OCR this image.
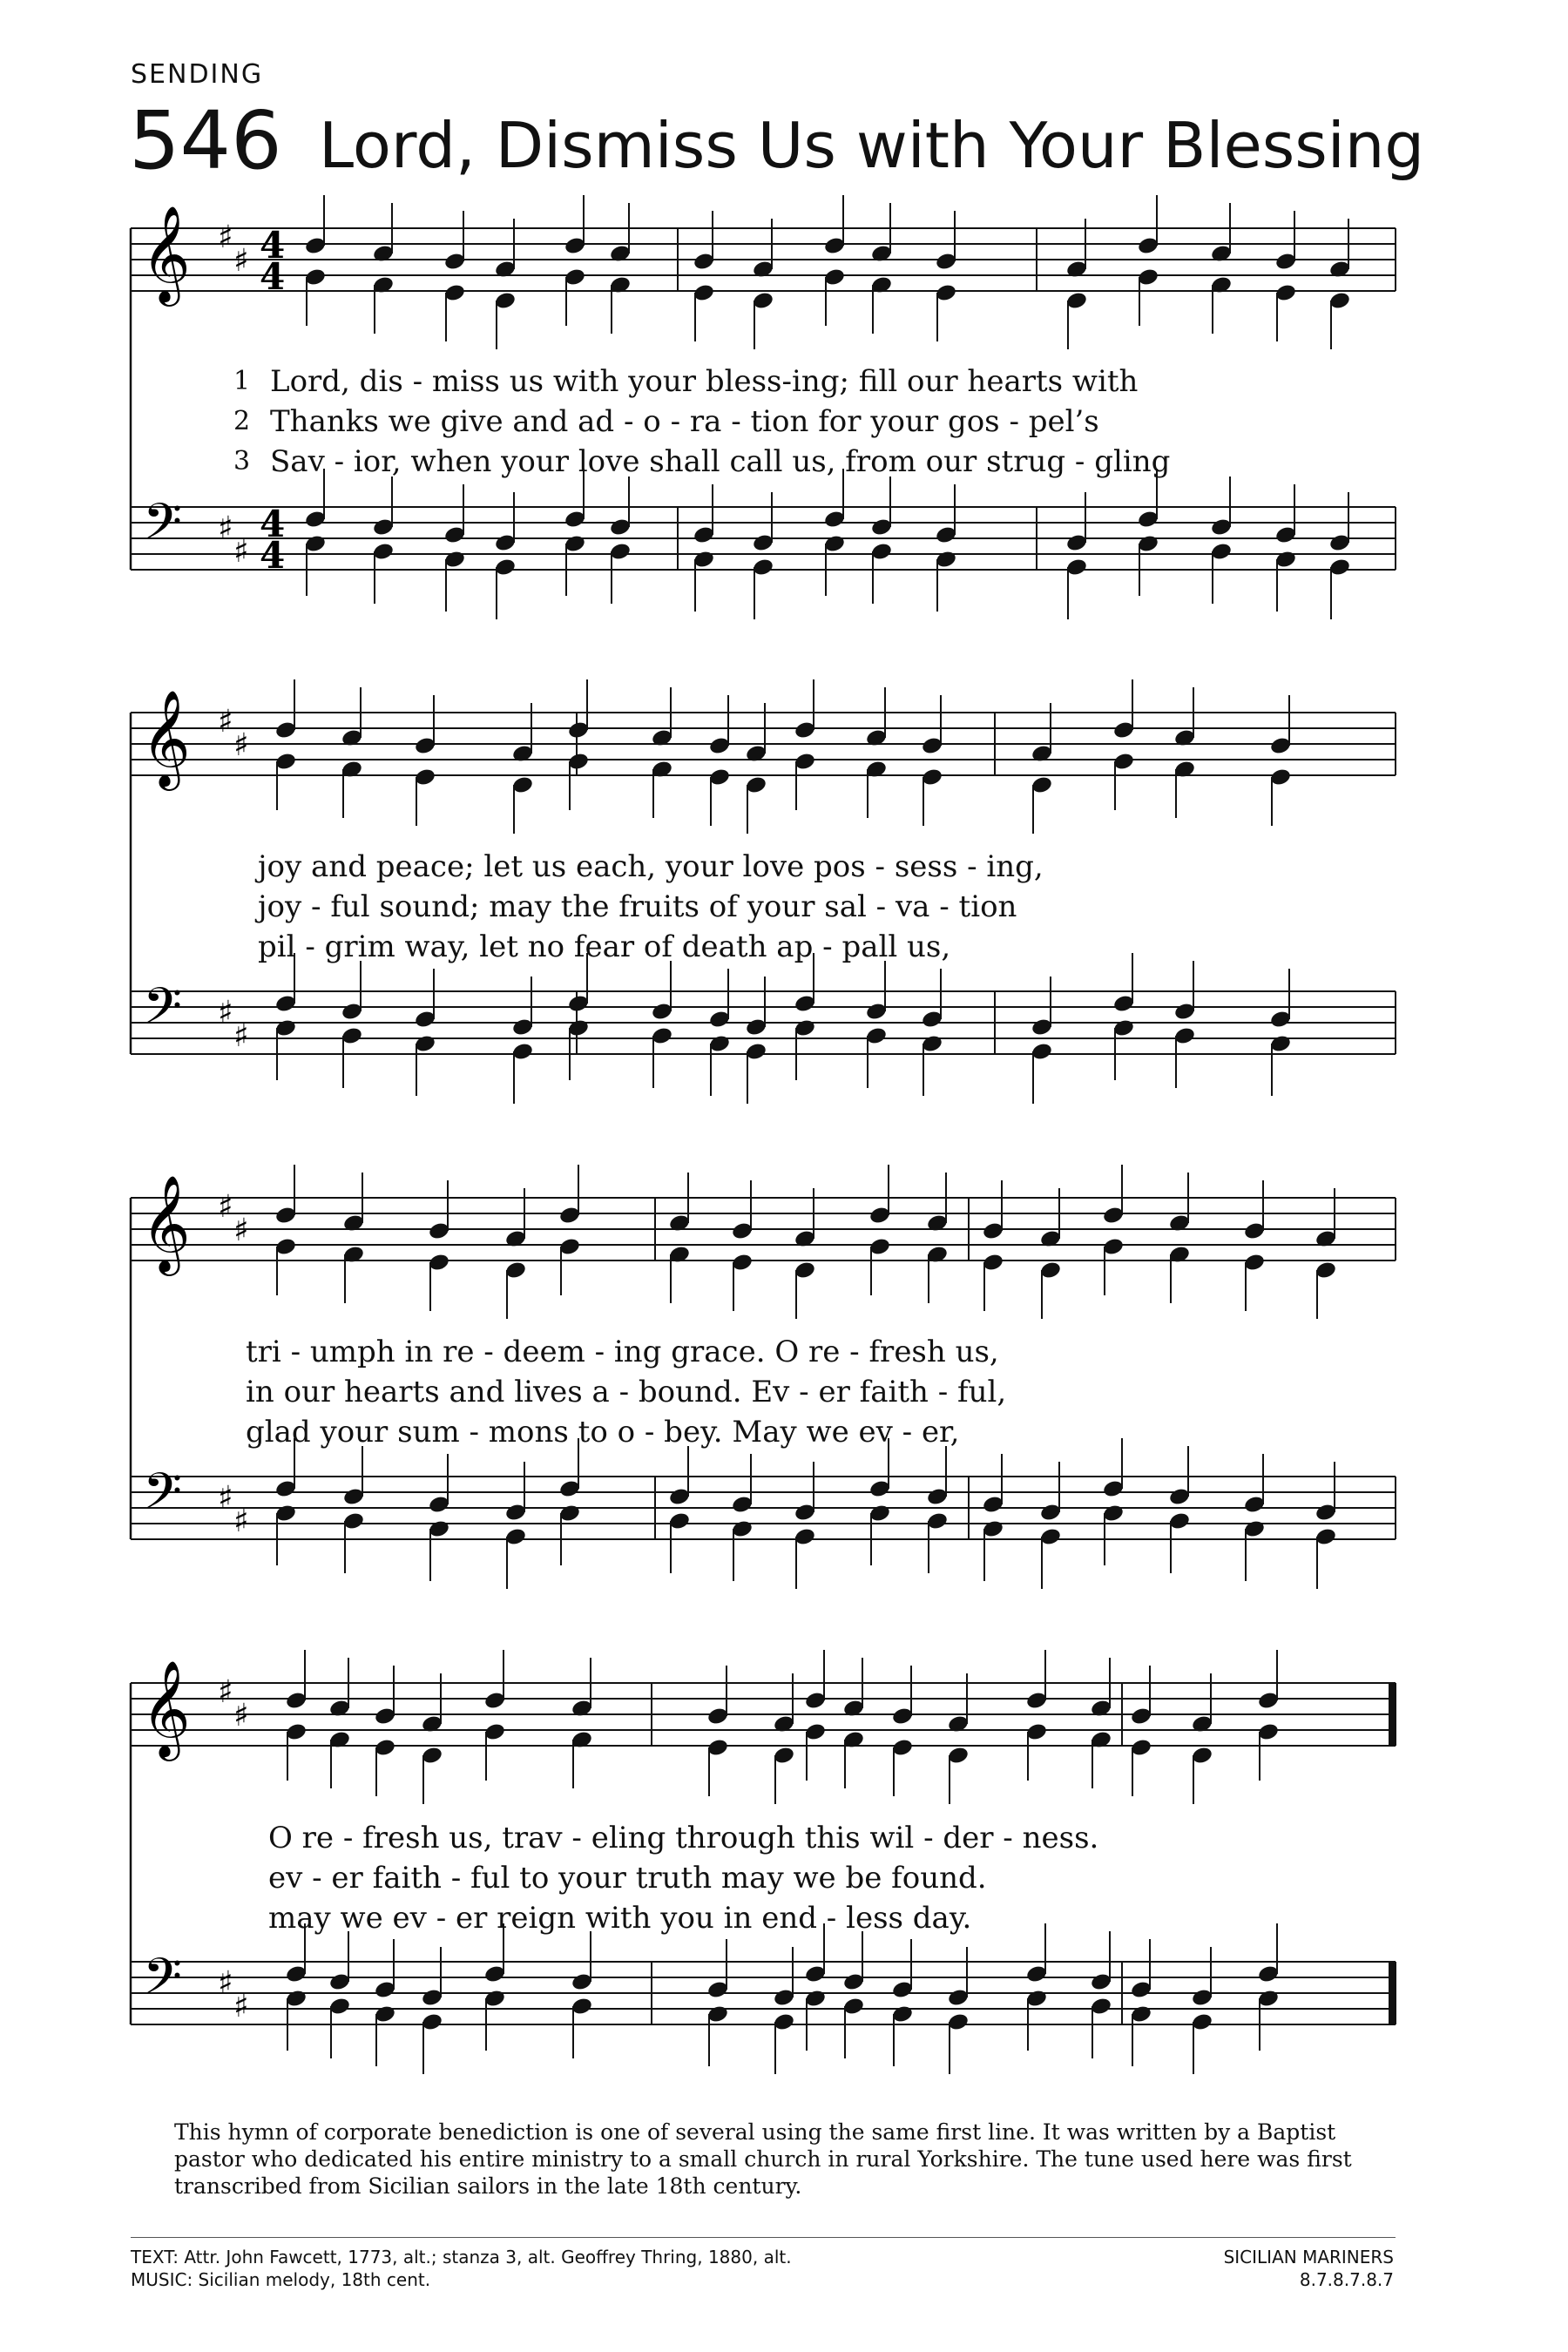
SENDING
546 Lord, Dismiss Us with Your Blessing
𝄞
𝄢
♯
♯
♯
♯
4
4
4
4
𝄞
𝄢
♯
♯
♯
♯
𝄞
𝄢
♯
♯
♯
♯
𝄞
𝄢
♯
♯
♯
♯
1
2
3
Lord, dis - miss us with your bless-ing; fill our hearts with
Thanks we give and ad - o - ra - tion for your gos - pel’s
Sav - ior, when your love shall call us, from our strug - gling
joy and peace; let us each, your love pos - sess - ing,
joy - ful sound; may the fruits of your sal - va - tion
pil - grim way, let no fear of death ap - pall us,
tri - umph in re - deem - ing grace. O re - fresh us,
in our hearts and lives a - bound. Ev - er faith - ful,
glad your sum - mons to o - bey. May we ev - er,
O re - fresh us, trav - eling through this wil - der - ness.
ev - er faith - ful to your truth may we be found.
may we ev - er reign with you in end - less day.
This hymn of corporate benediction is one of several using the same first line. It was written by a Baptist pastor who dedicated his entire ministry to a small church in rural Yorkshire. The tune used here was first transcribed from Sicilian sailors in the late 18th century.
TEXT: Attr. John Fawcett, 1773, alt.; stanza 3, alt. Geoffrey Thring, 1880, alt.
MUSIC: Sicilian melody, 18th cent.
SICILIAN MARINERS
8.7.8.7.8.7
